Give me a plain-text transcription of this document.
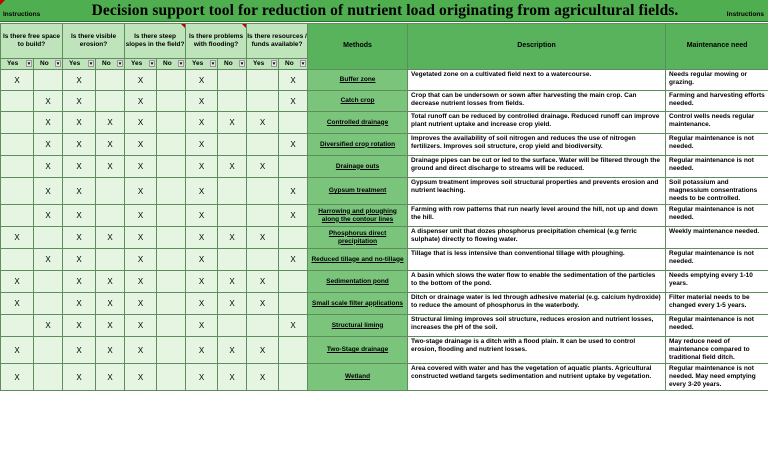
Instructions	Decision support tool for reduction of nutrient load originating from agricultural fields.	Instructions
Is there free space to build?		Is there visible erosion?		Is there steep slopes in the field?		Is there problems with flooding?		Is there resources / funds available?		Methods	Description	Maintenance need

Yes ▾	No ▾	Yes ▾	No ▾	Yes ▾	No ▾	Yes ▾	No ▾	Yes ▾	No ▾			

X		X		X		X			X	Buffer zone	Vegetated zone on a cultivated field next to a watercourse.	Needs regular mowing or grazing.
	X	X		X		X			X	Catch crop	Crop that can be undersown or sown after harvesting the main crop. Can decrease nutrient losses from fields.	Farming and harvesting efforts needed.
	X	X	X	X		X	X	X		Controlled drainage	Total runoff can be reduced by controlled drainage. Reduced runoff can improve plant nutrient uptake and increase crop yield.	Control wells needs regular maintenance.
	X	X	X	X		X			X	Diversified crop rotation	Improves the availability of soil nitrogen and reduces the use of nitrogen fertilizers. Improves soil structure, crop yield and biodiversity.	Regular maintenance is not needed.
	X	X	X	X		X	X	X		Drainage outs	Drainage pipes can be cut or led to the surface. Water will be filtered through the ground and direct discharge to streams will be reduced.	Regular maintenance is not needed.
	X	X		X		X			X	Gypsum treatment	Gypsum treatment improves soil structural properties and prevents erosion and nutrient leaching.	Soil potassium and magnessium consentrations needs to be controlled.
	X	X		X		X			X	Harrowing and ploughing along the contour lines	Farming with row patterns that run nearly level around the hill, not up and down the hill.	Regular maintenance is not needed.
X		X	X	X		X	X	X		Phosphorus direct precipitation	A dispenser unit that dozes phosphorus precipitation chemical (e.g ferric sulphate) directly to flowing water.	Weekly maintenance needed.
	X	X		X		X			X	Reduced tillage and no-tillage	Tillage that is less intensive than conventional tillage with ploughing.	Regular maintenance is not needed.
X		X	X	X		X	X	X		Sedimentation pond	A basin which slows the water flow to enable the sedimentation of the particles to the bottom of the pond.	Needs emptying every 1-10 years.
X		X	X	X		X	X	X		Small scale filter applications	Ditch or drainage water is led through adhesive material (e.g. calcium hydroxide) to reduce the amount of phosphorus in the waterbody.	Filter material needs to be changed every 1-5 years.
	X	X	X	X		X			X	Structural liming	Structural liming improves soil structure, reduces erosion and nutrient losses, increases the pH of the soil.	Regular maintenance is not needed.
X		X	X	X		X	X	X		Two-Stage drainage	Two-stage drainage is a ditch with a flood plain. It can be used to control erosion, flooding and nutrient losses.	May reduce need of maintenance compared to traditional field ditch.
X		X	X	X		X	X	X		Wetland	Area covered with water and has the vegetation of aquatic plants. Agricultural constructed wetland targets sedimentation and nutrient uptake by vegetation.	Regular maintenance is not needed. May need emptying every 3-20 years.
